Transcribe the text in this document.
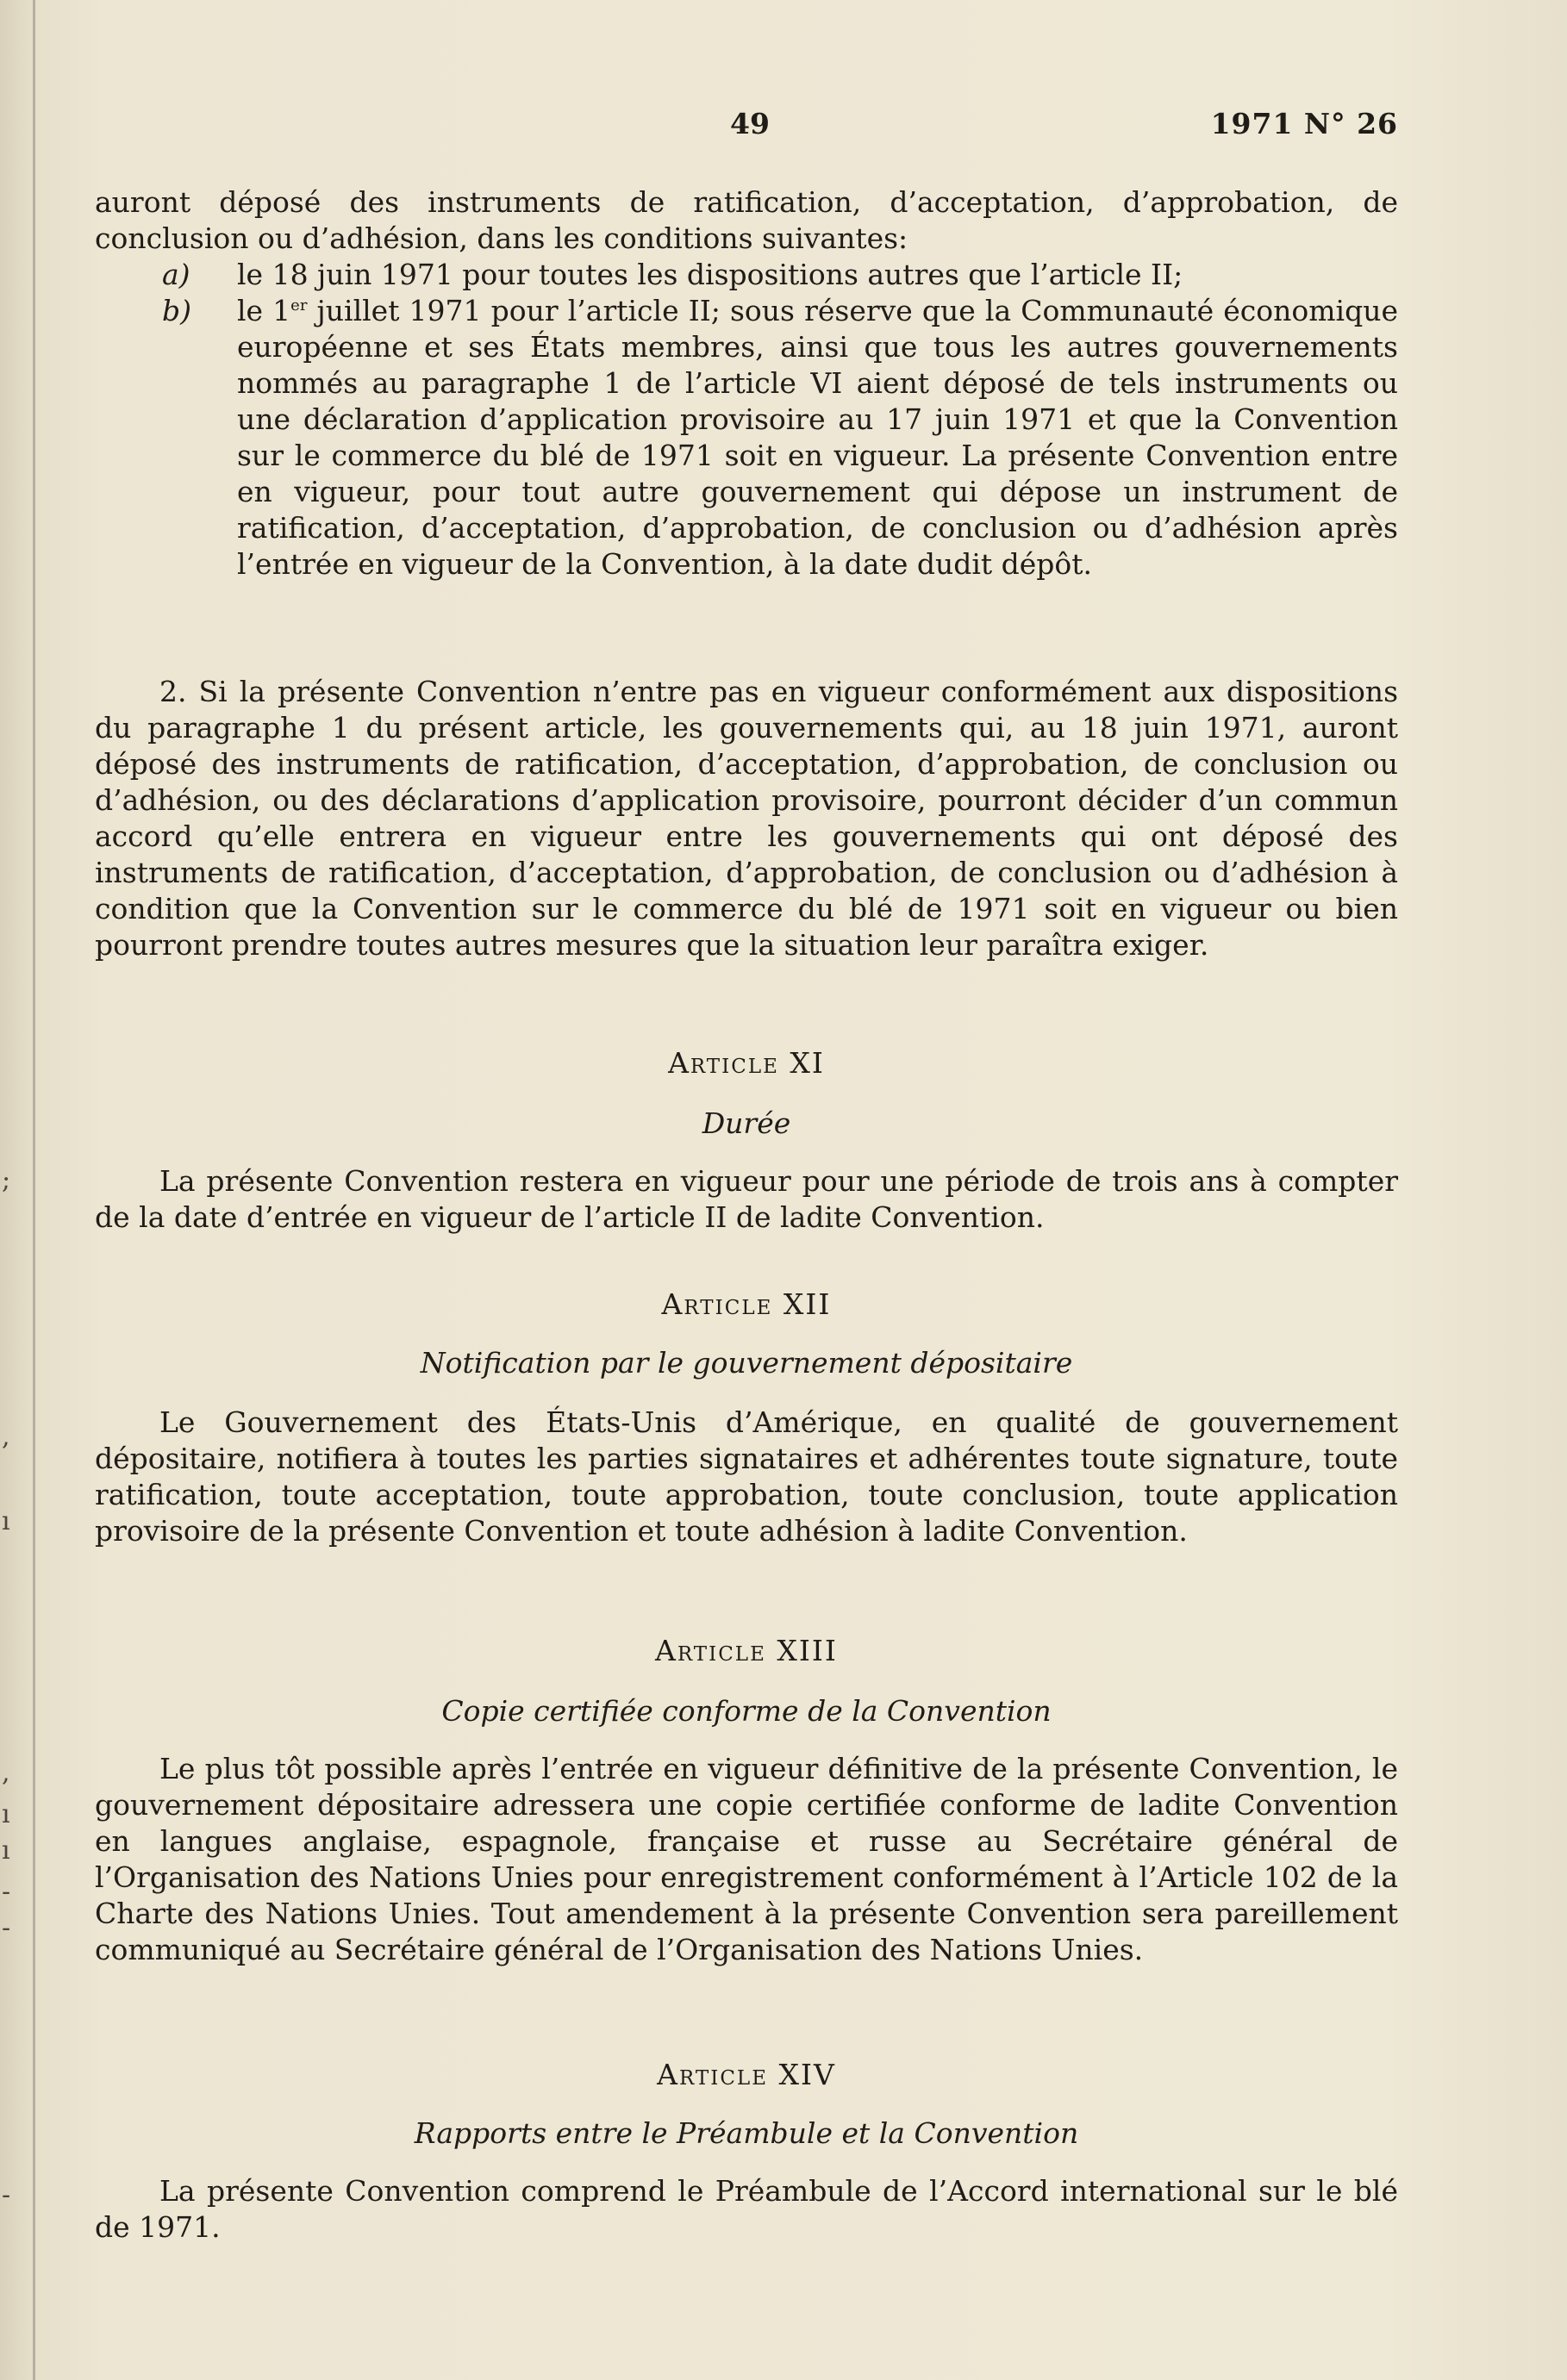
;
,
ı
,
ı
ı
-
-
-
49	1971 N° 26

auront déposé des instruments de ratification, d’acceptation, d’approbation, de conclusion ou d’adhésion, dans les conditions suivantes:

a) le 18 juin 1971 pour toutes les dispositions autres que l’article II;

b) le 1er juillet 1971 pour l’article II; sous réserve que la Communauté économique européenne et ses États membres, ainsi que tous les autres gouvernements nommés au paragraphe 1 de l’article VI aient déposé de tels instruments ou une déclaration d’application provisoire au 17 juin 1971 et que la Convention sur le commerce du blé de 1971 soit en vigueur. La présente Convention entre en vigueur, pour tout autre gouvernement qui dépose un instrument de ratification, d’acceptation, d’approbation, de conclusion ou d’adhésion après l’entrée en vigueur de la Convention, à la date dudit dépôt.

2. Si la présente Convention n’entre pas en vigueur conformément aux dispositions du paragraphe 1 du présent article, les gouvernements qui, au 18 juin 1971, auront déposé des instruments de ratification, d’acceptation, d’approbation, de conclusion ou d’adhésion, ou des déclarations d’application provisoire, pourront décider d’un commun accord qu’elle entrera en vigueur entre les gouvernements qui ont déposé des instruments de ratification, d’acceptation, d’approbation, de conclusion ou d’adhésion à condition que la Convention sur le commerce du blé de 1971 soit en vigueur ou bien pourront prendre toutes autres mesures que la situation leur paraîtra exiger.

Article XI
Durée

La présente Convention restera en vigueur pour une période de trois ans à compter de la date d’entrée en vigueur de l’article II de ladite Convention.

Article XII
Notification par le gouvernement dépositaire

Le Gouvernement des États-Unis d’Amérique, en qualité de gouvernement dépositaire, notifiera à toutes les parties signataires et adhérentes toute signature, toute ratification, toute acceptation, toute approbation, toute conclusion, toute application provisoire de la présente Convention et toute adhésion à ladite Convention.

Article XIII
Copie certifiée conforme de la Convention

Le plus tôt possible après l’entrée en vigueur définitive de la présente Convention, le gouvernement dépositaire adressera une copie certifiée conforme de ladite Convention en langues anglaise, espagnole, française et russe au Secrétaire général de l’Organisation des Nations Unies pour enregistrement conformément à l’Article 102 de la Charte des Nations Unies. Tout amendement à la présente Convention sera pareillement communiqué au Secrétaire général de l’Organisation des Nations Unies.

Article XIV
Rapports entre le Préambule et la Convention

La présente Convention comprend le Préambule de l’Accord international sur le blé de 1971.
